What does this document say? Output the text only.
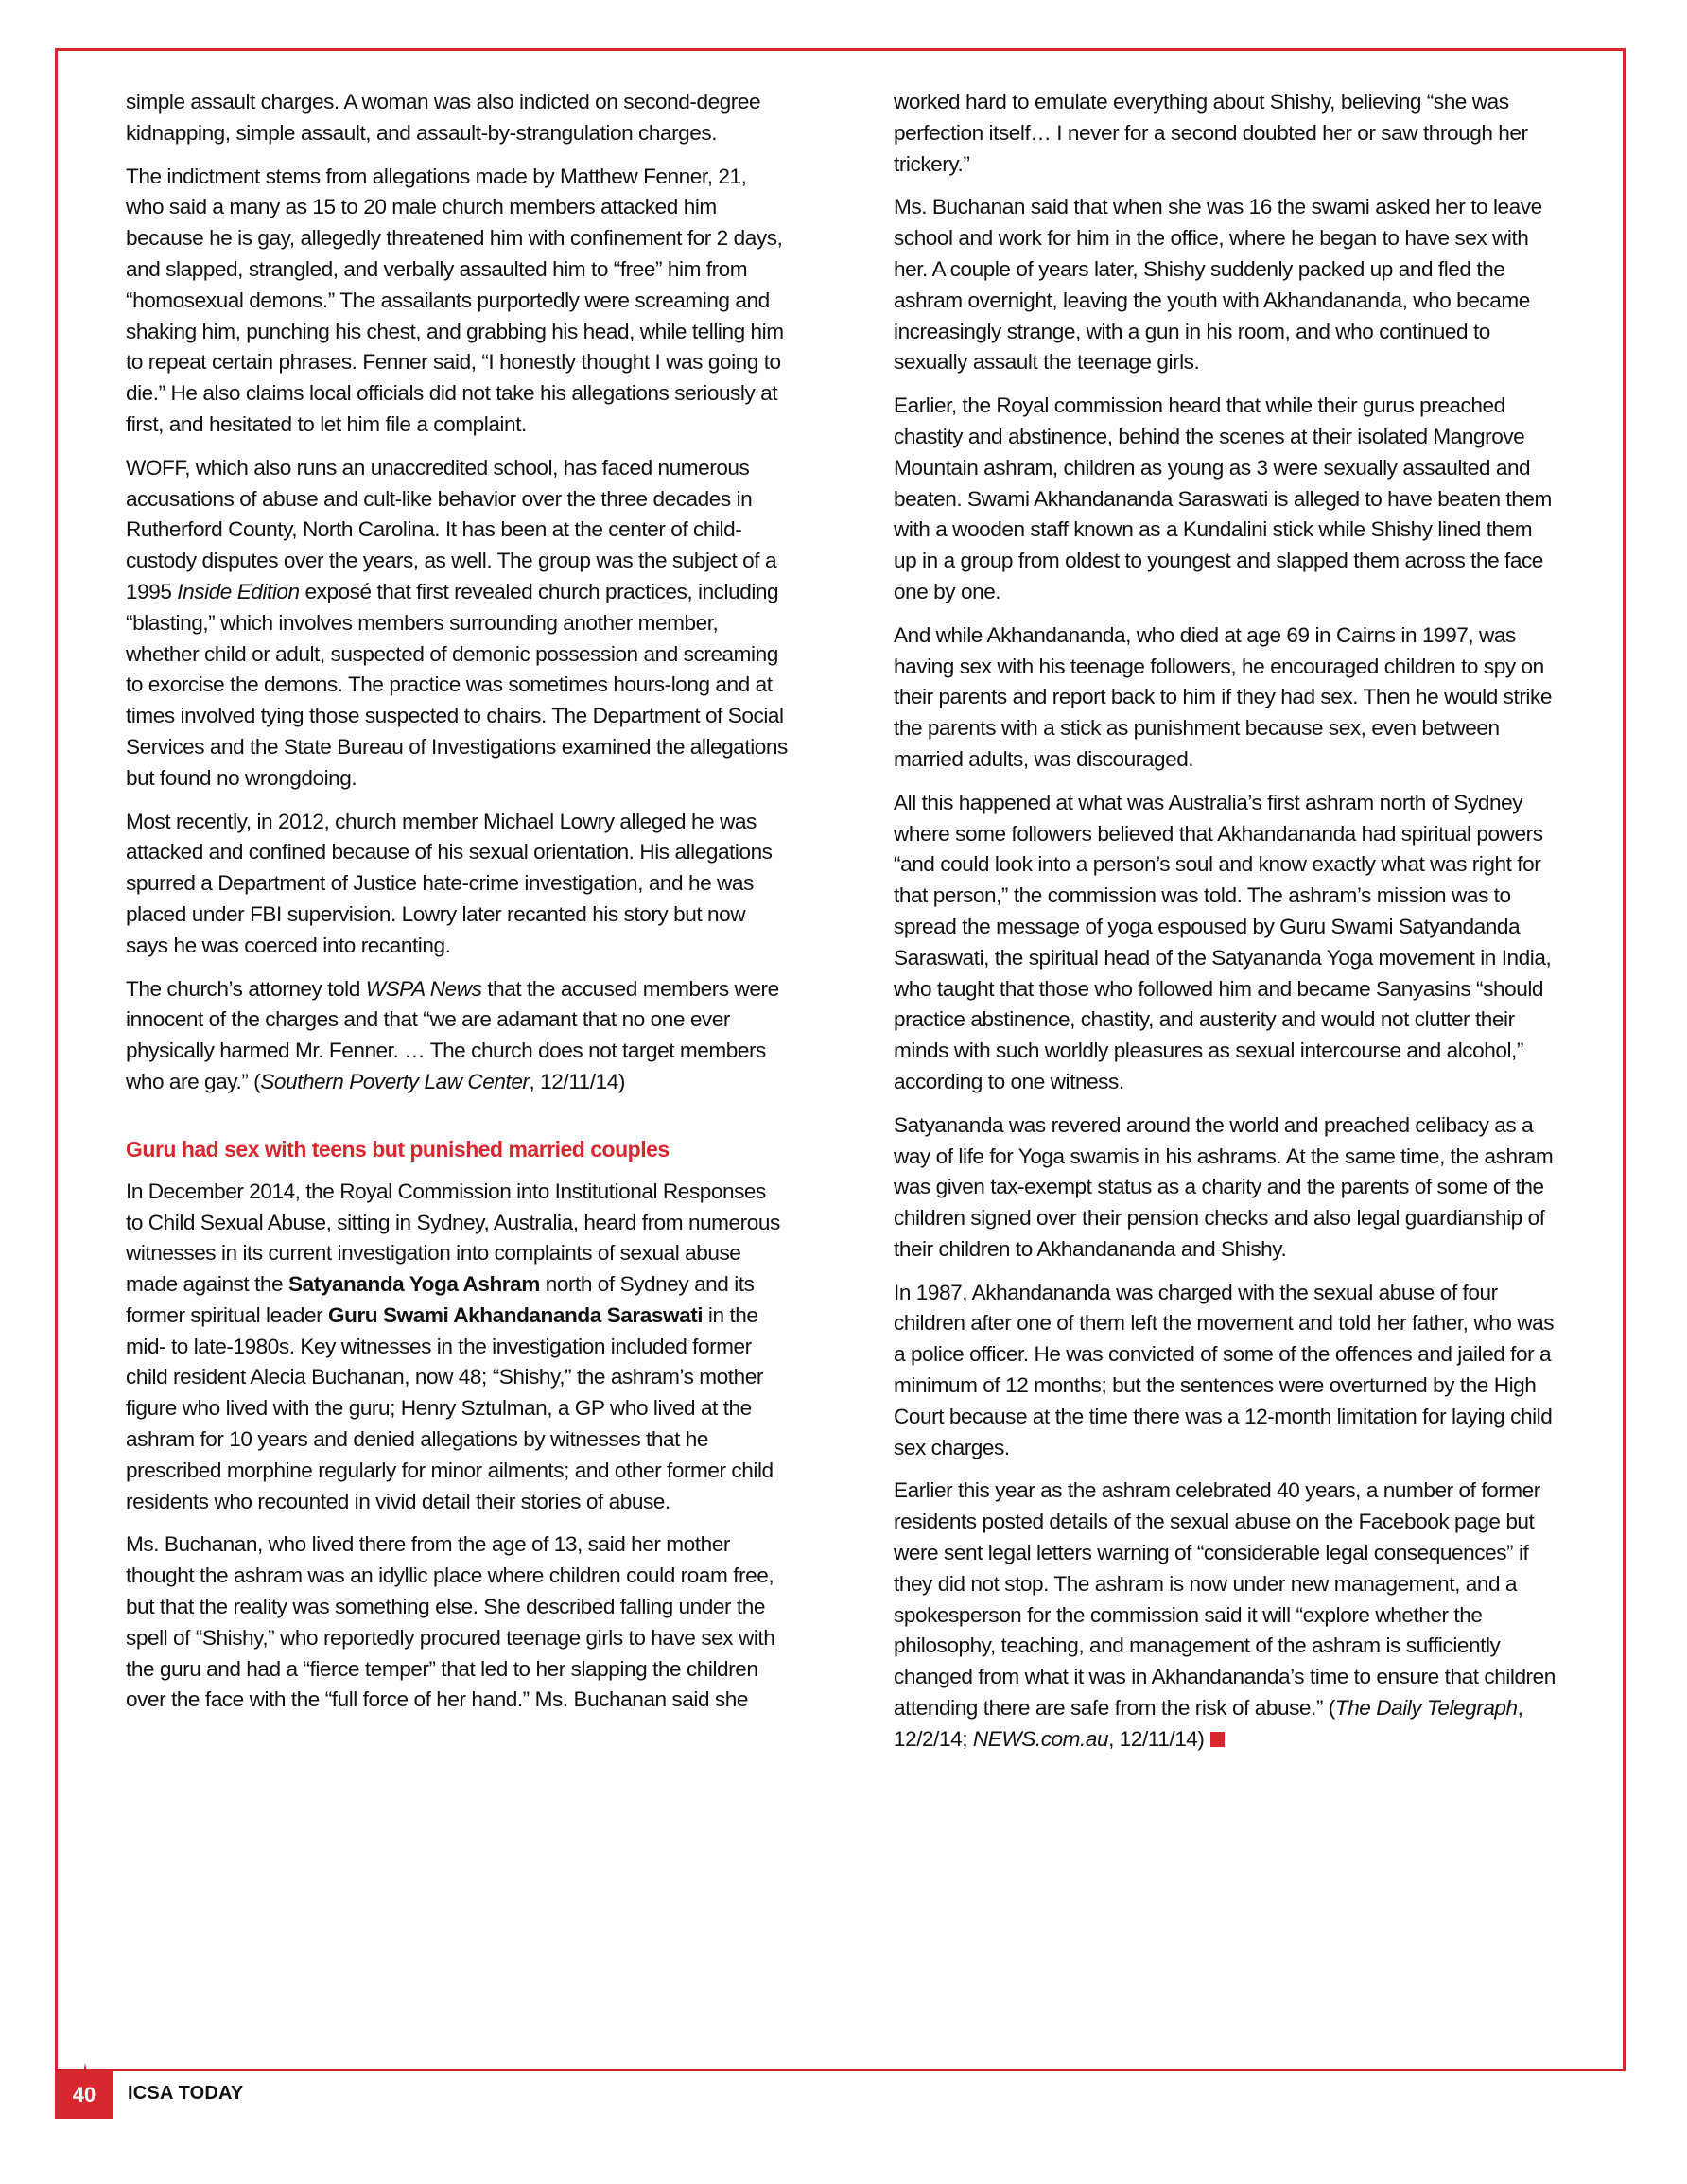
simple assault charges. A woman was also indicted on second-degree kidnapping, simple assault, and assault-by-strangulation charges.

The indictment stems from allegations made by Matthew Fenner, 21, who said a many as 15 to 20 male church members attacked him because he is gay, allegedly threatened him with confinement for 2 days, and slapped, strangled, and verbally assaulted him to “free” him from “homosexual demons.” The assailants purportedly were screaming and shaking him, punching his chest, and grabbing his head, while telling him to repeat certain phrases. Fenner said, “I honestly thought I was going to die.” He also claims local officials did not take his allegations seriously at first, and hesitated to let him file a complaint.

WOFF, which also runs an unaccredited school, has faced numerous accusations of abuse and cult-like behavior over the three decades in Rutherford County, North Carolina. It has been at the center of child-custody disputes over the years, as well. The group was the subject of a 1995 Inside Edition exposé that first revealed church practices, including “blasting,” which involves members surrounding another member, whether child or adult, suspected of demonic possession and screaming to exorcise the demons. The practice was sometimes hours-long and at times involved tying those suspected to chairs. The Department of Social Services and the State Bureau of Investigations examined the allegations but found no wrongdoing.

Most recently, in 2012, church member Michael Lowry alleged he was attacked and confined because of his sexual orientation. His allegations spurred a Department of Justice hate-crime investigation, and he was placed under FBI supervision. Lowry later recanted his story but now says he was coerced into recanting.

The church’s attorney told WSPA News that the accused members were innocent of the charges and that “we are adamant that no one ever physically harmed Mr. Fenner. … The church does not target members who are gay.” (Southern Poverty Law Center, 12/11/14)

Guru had sex with teens but punished married couples

In December 2014, the Royal Commission into Institutional Responses to Child Sexual Abuse, sitting in Sydney, Australia, heard from numerous witnesses in its current investigation into complaints of sexual abuse made against the Satyananda Yoga Ashram north of Sydney and its former spiritual leader Guru Swami Akhandananda Saraswati in the mid- to late-1980s. Key witnesses in the investigation included former child resident Alecia Buchanan, now 48; “Shishy,” the ashram’s mother figure who lived with the guru; Henry Sztulman, a GP who lived at the ashram for 10 years and denied allegations by witnesses that he prescribed morphine regularly for minor ailments; and other former child residents who recounted in vivid detail their stories of abuse.

Ms. Buchanan, who lived there from the age of 13, said her mother thought the ashram was an idyllic place where children could roam free, but that the reality was something else. She described falling under the spell of “Shishy,” who reportedly procured teenage girls to have sex with the guru and had a “fierce temper” that led to her slapping the children over the face with the “full force of her hand.” Ms. Buchanan said she

worked hard to emulate everything about Shishy, believing “she was perfection itself… I never for a second doubted her or saw through her trickery.”

Ms. Buchanan said that when she was 16 the swami asked her to leave school and work for him in the office, where he began to have sex with her. A couple of years later, Shishy suddenly packed up and fled the ashram overnight, leaving the youth with Akhandananda, who became increasingly strange, with a gun in his room, and who continued to sexually assault the teenage girls.

Earlier, the Royal commission heard that while their gurus preached chastity and abstinence, behind the scenes at their isolated Mangrove Mountain ashram, children as young as 3 were sexually assaulted and beaten. Swami Akhandananda Saraswati is alleged to have beaten them with a wooden staff known as a Kundalini stick while Shishy lined them up in a group from oldest to youngest and slapped them across the face one by one.

And while Akhandananda, who died at age 69 in Cairns in 1997, was having sex with his teenage followers, he encouraged children to spy on their parents and report back to him if they had sex. Then he would strike the parents with a stick as punishment because sex, even between married adults, was discouraged.

All this happened at what was Australia’s first ashram north of Sydney where some followers believed that Akhandananda had spiritual powers “and could look into a person’s soul and know exactly what was right for that person,” the commission was told. The ashram’s mission was to spread the message of yoga espoused by Guru Swami Satyandanda Saraswati, the spiritual head of the Satyananda Yoga movement in India, who taught that those who followed him and became Sanyasins “should practice abstinence, chastity, and austerity and would not clutter their minds with such worldly pleasures as sexual intercourse and alcohol,” according to one witness.

Satyananda was revered around the world and preached celibacy as a way of life for Yoga swamis in his ashrams. At the same time, the ashram was given tax-exempt status as a charity and the parents of some of the children signed over their pension checks and also legal guardianship of their children to Akhandananda and Shishy.

In 1987, Akhandananda was charged with the sexual abuse of four children after one of them left the movement and told her father, who was a police officer. He was convicted of some of the offences and jailed for a minimum of 12 months; but the sentences were overturned by the High Court because at the time there was a 12-month limitation for laying child sex charges.

Earlier this year as the ashram celebrated 40 years, a number of former residents posted details of the sexual abuse on the Facebook page but were sent legal letters warning of “considerable legal consequences” if they did not stop. The ashram is now under new management, and a spokesperson for the commission said it will “explore whether the philosophy, teaching, and management of the ashram is sufficiently changed from what it was in Akhandananda’s time to ensure that children attending there are safe from the risk of abuse.” (The Daily Telegraph, 12/2/14; NEWS.com.au, 12/11/14)

40	ICSA TODAY
